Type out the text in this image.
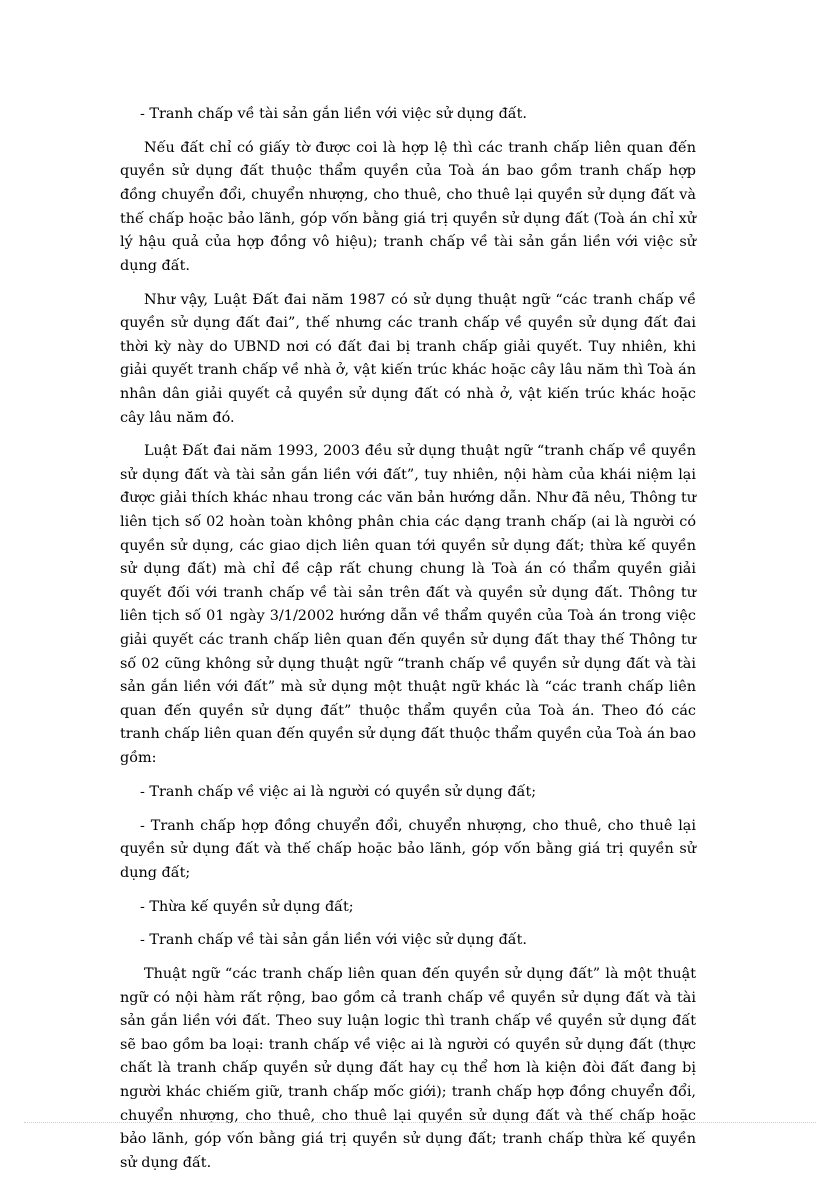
- Tranh chấp về tài sản gắn liền với việc sử dụng đất.

Nếu đất chỉ có giấy tờ được coi là hợp lệ thì các tranh chấp liên quan đến quyền sử dụng đất thuộc thẩm quyền của Toà án bao gồm tranh chấp hợp đồng chuyển đổi, chuyển nhượng, cho thuê, cho thuê lại quyền sử dụng đất và thế chấp hoặc bảo lãnh, góp vốn bằng giá trị quyền sử dụng đất (Toà án chỉ xử lý hậu quả của hợp đồng vô hiệu); tranh chấp về tài sản gắn liền với việc sử dụng đất.

Như vậy, Luật Đất đai năm 1987 có sử dụng thuật ngữ “các tranh chấp về quyền sử dụng đất đai”, thế nhưng các tranh chấp về quyền sử dụng đất đai thời kỳ này do UBND nơi có đất đai bị tranh chấp giải quyết. Tuy nhiên, khi giải quyết tranh chấp về nhà ở, vật kiến trúc khác hoặc cây lâu năm thì Toà án nhân dân giải quyết cả quyền sử dụng đất có nhà ở, vật kiến trúc khác hoặc cây lâu năm đó.

Luật Đất đai năm 1993, 2003 đều sử dụng thuật ngữ “tranh chấp về quyền sử dụng đất và tài sản gắn liền với đất”, tuy nhiên, nội hàm của khái niệm lại được giải thích khác nhau trong các văn bản hướng dẫn. Như đã nêu, Thông tư liên tịch số 02 hoàn toàn không phân chia các dạng tranh chấp (ai là người có quyền sử dụng, các giao dịch liên quan tới quyền sử dụng đất; thừa kế quyền sử dụng đất) mà chỉ đề cập rất chung chung là Toà án có thẩm quyền giải quyết đối với tranh chấp về tài sản trên đất và quyền sử dụng đất. Thông tư liên tịch số 01 ngày 3/1/2002 hướng dẫn về thẩm quyền của Toà án trong việc giải quyết các tranh chấp liên quan đến quyền sử dụng đất thay thế Thông tư số 02 cũng không sử dụng thuật ngữ “tranh chấp về quyền sử dụng đất và tài sản gắn liền với đất” mà sử dụng một thuật ngữ khác là “các tranh chấp liên quan đến quyền sử dụng đất” thuộc thẩm quyền của Toà án. Theo đó các tranh chấp liên quan đến quyền sử dụng đất thuộc thẩm quyền của Toà án bao gồm:

- Tranh chấp về việc ai là người có quyền sử dụng đất;

- Tranh chấp hợp đồng chuyển đổi, chuyển nhượng, cho thuê, cho thuê lại quyền sử dụng đất và thế chấp hoặc bảo lãnh, góp vốn bằng giá trị quyền sử dụng đất;

- Thừa kế quyền sử dụng đất;

- Tranh chấp về tài sản gắn liền với việc sử dụng đất.

Thuật ngữ “các tranh chấp liên quan đến quyền sử dụng đất” là một thuật ngữ có nội hàm rất rộng, bao gồm cả tranh chấp về quyền sử dụng đất và tài sản gắn liền với đất. Theo suy luận logic thì tranh chấp về quyền sử dụng đất sẽ bao gồm ba loại: tranh chấp về việc ai là người có quyền sử dụng đất (thực chất là tranh chấp quyền sử dụng đất hay cụ thể hơn là kiện đòi đất đang bị người khác chiếm giữ, tranh chấp mốc giới); tranh chấp hợp đồng chuyển đổi, chuyển nhượng, cho thuê, cho thuê lại quyền sử dụng đất và thế chấp hoặc bảo lãnh, góp vốn bằng giá trị quyền sử dụng đất; tranh chấp thừa kế quyền sử dụng đất.
